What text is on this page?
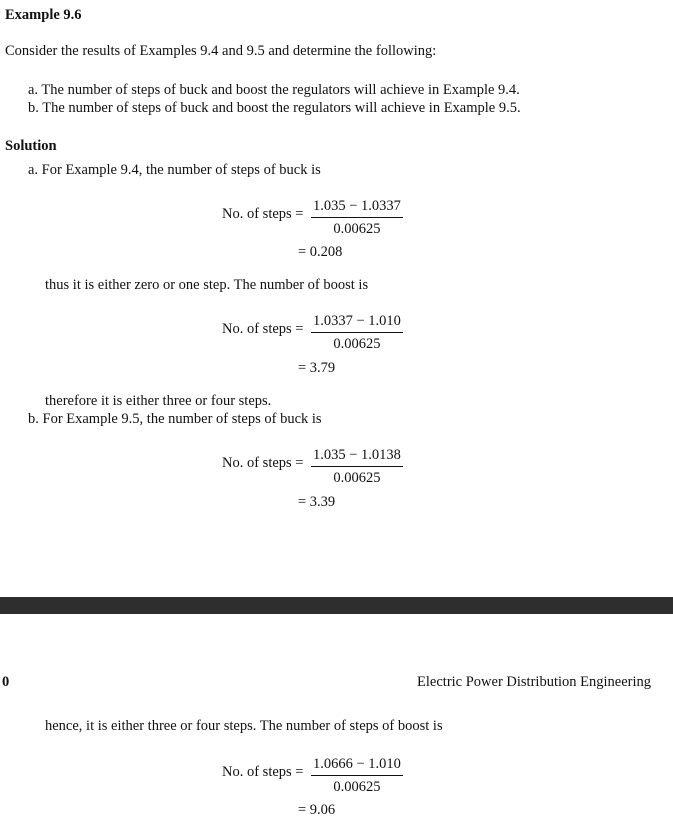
Example 9.6
Consider the results of Examples 9.4 and 9.5 and determine the following:
a. The number of steps of buck and boost the regulators will achieve in Example 9.4.
b. The number of steps of buck and boost the regulators will achieve in Example 9.5.
Solution
a. For Example 9.4, the number of steps of buck is
No. of steps = $\frac{1.035 - 1.0337}{0.00625}$
= 0.208
thus it is either zero or one step. The number of boost is
No. of steps = $\frac{1.0337 - 1.010}{0.00625}$
= 3.79
therefore it is either three or four steps.
b. For Example 9.5, the number of steps of buck is
No. of steps = $\frac{1.035 - 1.0138}{0.00625}$
= 3.39
0	Electric Power Distribution Engineering
hence, it is either three or four steps. The number of steps of boost is
No. of steps = $\frac{1.0666 - 1.010}{0.00625}$
= 9.06
